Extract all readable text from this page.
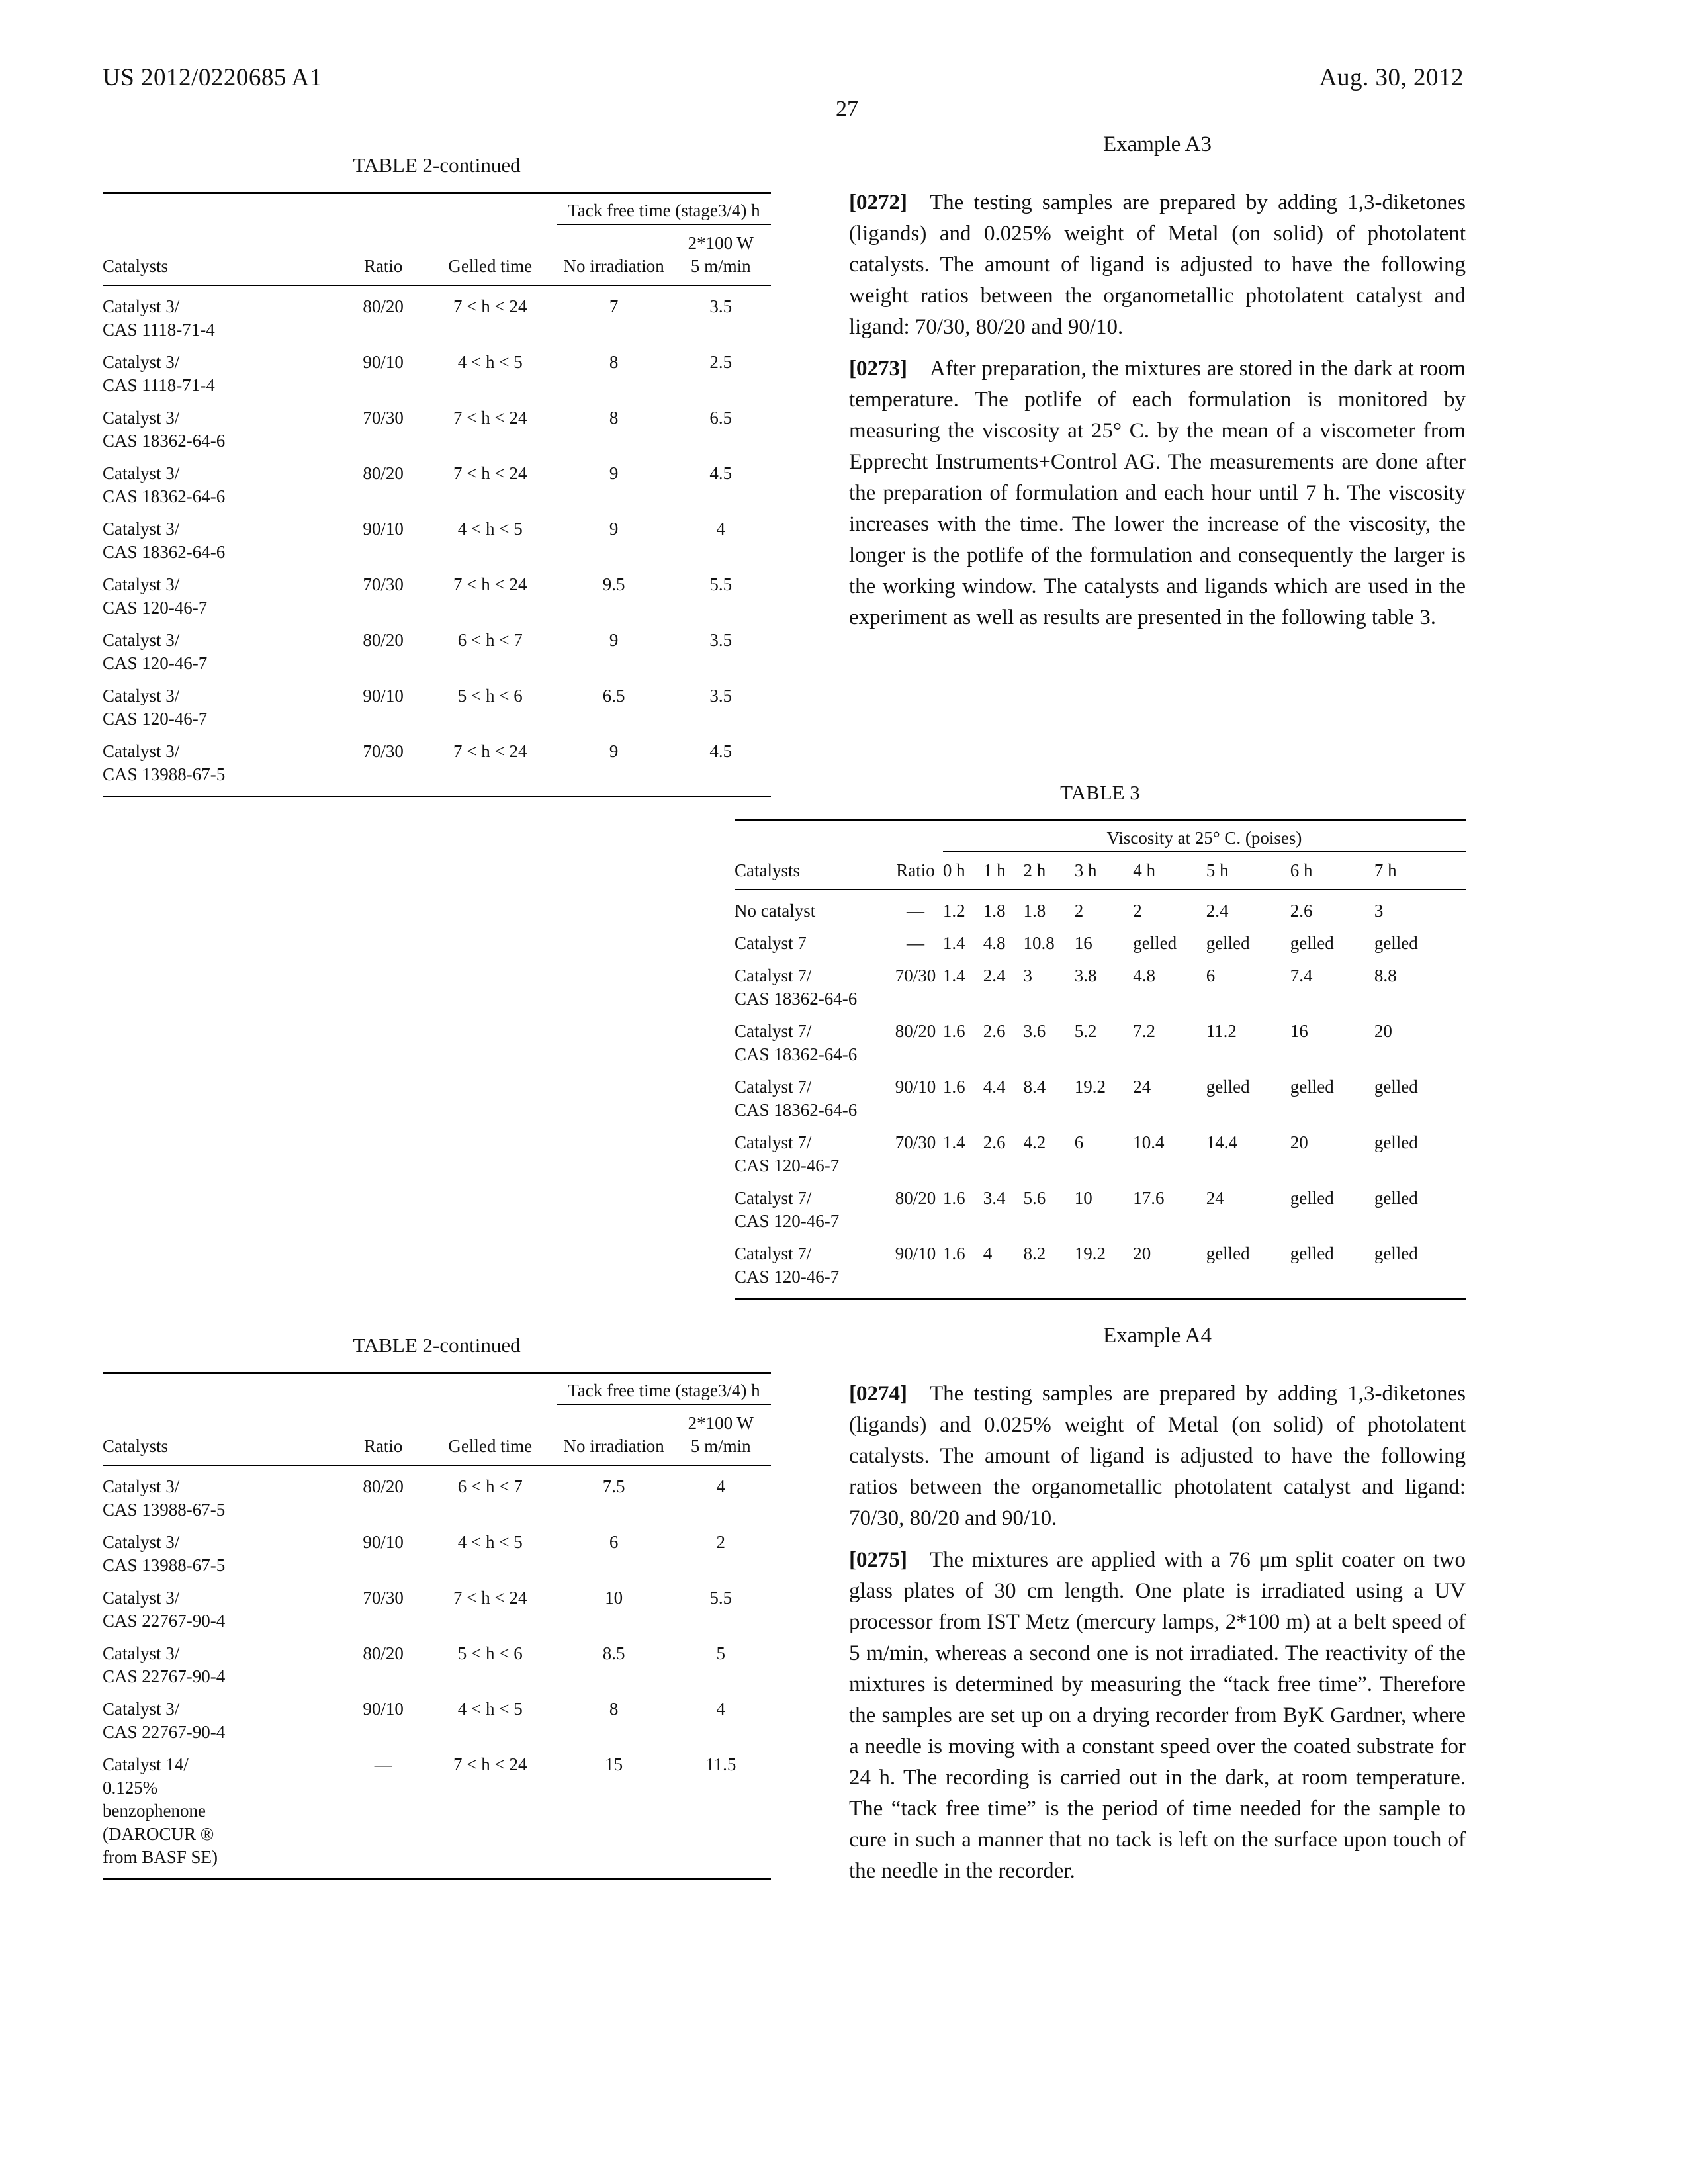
US 2012/0220685 A1	Aug. 30, 2012
27
TABLE 2-continued
			Tack free time (stage3/4) h	
Catalysts	Ratio	Gelled time	No irradiation	2*100 W
5 m/min
Catalyst 3/
CAS 1118-71-4	80/20	7 < h < 24	7	3.5
Catalyst 3/
CAS 1118-71-4	90/10	4 < h < 5	8	2.5
Catalyst 3/
CAS 18362-64-6	70/30	7 < h < 24	8	6.5
Catalyst 3/
CAS 18362-64-6	80/20	7 < h < 24	9	4.5
Catalyst 3/
CAS 18362-64-6	90/10	4 < h < 5	9	4
Catalyst 3/
CAS 120-46-7	70/30	7 < h < 24	9.5	5.5
Catalyst 3/
CAS 120-46-7	80/20	6 < h < 7	9	3.5
Catalyst 3/
CAS 120-46-7	90/10	5 < h < 6	6.5	3.5
Catalyst 3/
CAS 13988-67-5	70/30	7 < h < 24	9	4.5
Example A3

[0272] The testing samples are prepared by adding 1,3-diketones (ligands) and 0.025% weight of Metal (on solid) of photolatent catalysts. The amount of ligand is adjusted to have the following weight ratios between the organometallic photolatent catalyst and ligand: 70/30, 80/20 and 90/10.

[0273] After preparation, the mixtures are stored in the dark at room temperature. The potlife of each formulation is monitored by measuring the viscosity at 25° C. by the mean of a viscometer from Epprecht Instruments+Control AG. The measurements are done after the preparation of formulation and each hour until 7 h. The viscosity increases with the time. The lower the increase of the viscosity, the longer is the potlife of the formulation and consequently the larger is the working window. The catalysts and ligands which are used in the experiment as well as results are presented in the following table 3.

TABLE 3
		Viscosity at 25° C. (poises)							
Catalysts	Ratio	0 h	1 h	2 h	3 h	4 h	5 h	6 h	7 h
No catalyst	—	1.2	1.8	1.8	2	2	2.4	2.6	3
Catalyst 7	—	1.4	4.8	10.8	16	gelled	gelled	gelled	gelled
Catalyst 7/
CAS 18362-64-6	70/30	1.4	2.4	3	3.8	4.8	6	7.4	8.8
Catalyst 7/
CAS 18362-64-6	80/20	1.6	2.6	3.6	5.2	7.2	11.2	16	20
Catalyst 7/
CAS 18362-64-6	90/10	1.6	4.4	8.4	19.2	24	gelled	gelled	gelled
Catalyst 7/
CAS 120-46-7	70/30	1.4	2.6	4.2	6	10.4	14.4	20	gelled
Catalyst 7/
CAS 120-46-7	80/20	1.6	3.4	5.6	10	17.6	24	gelled	gelled
Catalyst 7/
CAS 120-46-7	90/10	1.6	4	8.2	19.2	20	gelled	gelled	gelled
Example A4

[0274] The testing samples are prepared by adding 1,3-diketones (ligands) and 0.025% weight of Metal (on solid) of photolatent catalysts. The amount of ligand is adjusted to have the following ratios between the organometallic photolatent catalyst and ligand: 70/30, 80/20 and 90/10.

[0275] The mixtures are applied with a 76 μm split coater on two glass plates of 30 cm length. One plate is irradiated using a UV processor from IST Metz (mercury lamps, 2*100 m) at a belt speed of 5 m/min, whereas a second one is not irradiated. The reactivity of the mixtures is determined by measuring the “tack free time”. Therefore the samples are set up on a drying recorder from ByK Gardner, where a needle is moving with a constant speed over the coated substrate for 24 h. The recording is carried out in the dark, at room temperature. The “tack free time” is the period of time needed for the sample to cure in such a manner that no tack is left on the surface upon touch of the needle in the recorder.

TABLE 2-continued
			Tack free time (stage3/4) h	
Catalysts	Ratio	Gelled time	No irradiation	2*100 W
5 m/min
Catalyst 3/
CAS 13988-67-5	80/20	6 < h < 7	7.5	4
Catalyst 3/
CAS 13988-67-5	90/10	4 < h < 5	6	2
Catalyst 3/
CAS 22767-90-4	70/30	7 < h < 24	10	5.5
Catalyst 3/
CAS 22767-90-4	80/20	5 < h < 6	8.5	5
Catalyst 3/
CAS 22767-90-4	90/10	4 < h < 5	8	4
Catalyst 14/
0.125%
benzophenone
(DAROCUR ®
from BASF SE)	—	7 < h < 24	15	11.5
